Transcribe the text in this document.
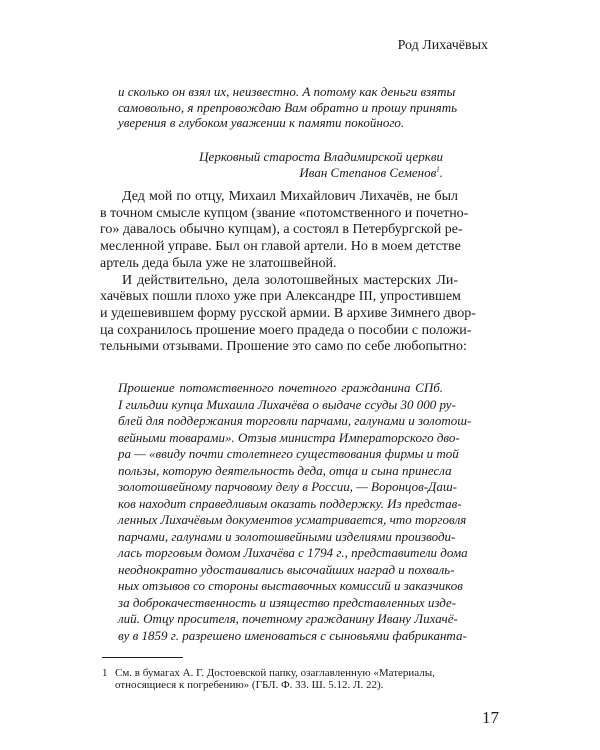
Род Лихачёвых
и сколько он взял их, неизвестно. А потому как деньги взяты
самовольно, я препровождаю Вам обратно и прошу принять
уверения в глубоком уважении к памяти покойного.
Церковный староста Владимирской церкви
Иван Степанов Семенов$^1$.
Дед мой по отцу, Михаил Михайлович Лихачёв, не был
в точном смысле купцом (звание «потомственного и почетно-
го» давалось обычно купцам), а состоял в Петербургской ре-
месленной управе. Был он главой артели. Но в моем детстве
артель деда была уже не златошвейной.
И действительно, дела золотошвейных мастерских Ли-
хачёвых пошли плохо уже при Александре III, упростившем
и удешевившем форму русской армии. В архиве Зимнего двор-
ца сохранилось прошение моего прадеда о пособии с положи-
тельными отзывами. Прошение это само по себе любопытно:
Прошение потомственного почетного гражданина СПб.
I гильдии купца Михаила Лихачёва о выдаче ссуды 30 000 ру-
блей для поддержания торговли парчами, галунами и золотош-
вейными товарами». Отзыв министра Императорского дво-
ра — «ввиду почти столетнего существования фирмы и той
пользы, которую деятельность деда, отца и сына принесла
золотошвейному парчовому делу в России, — Воронцов-Даш-
ков находит справедливым оказать поддержку. Из представ-
ленных Лихачёвым документов усматривается, что торговля
парчами, галунами и золотошвейными изделиями производи-
лась торговым домом Лихачёва с 1794 г., представители дома
неоднократно удостаивались высочайших наград и похваль-
ных отзывов со стороны выставочных комиссий и заказчиков
за доброкачественность и изящество представленных изде-
лий. Отцу просителя, почетному гражданину Ивану Лихачё-
ву в 1859 г. разрешено именоваться с сыновьями фабриканта-
1 См. в бумагах А. Г. Достоевской папку, озаглавленную «Материалы,
относящиеся к погребению» (ГБЛ. Ф. 33. Ш. 5.12. Л. 22).
17
